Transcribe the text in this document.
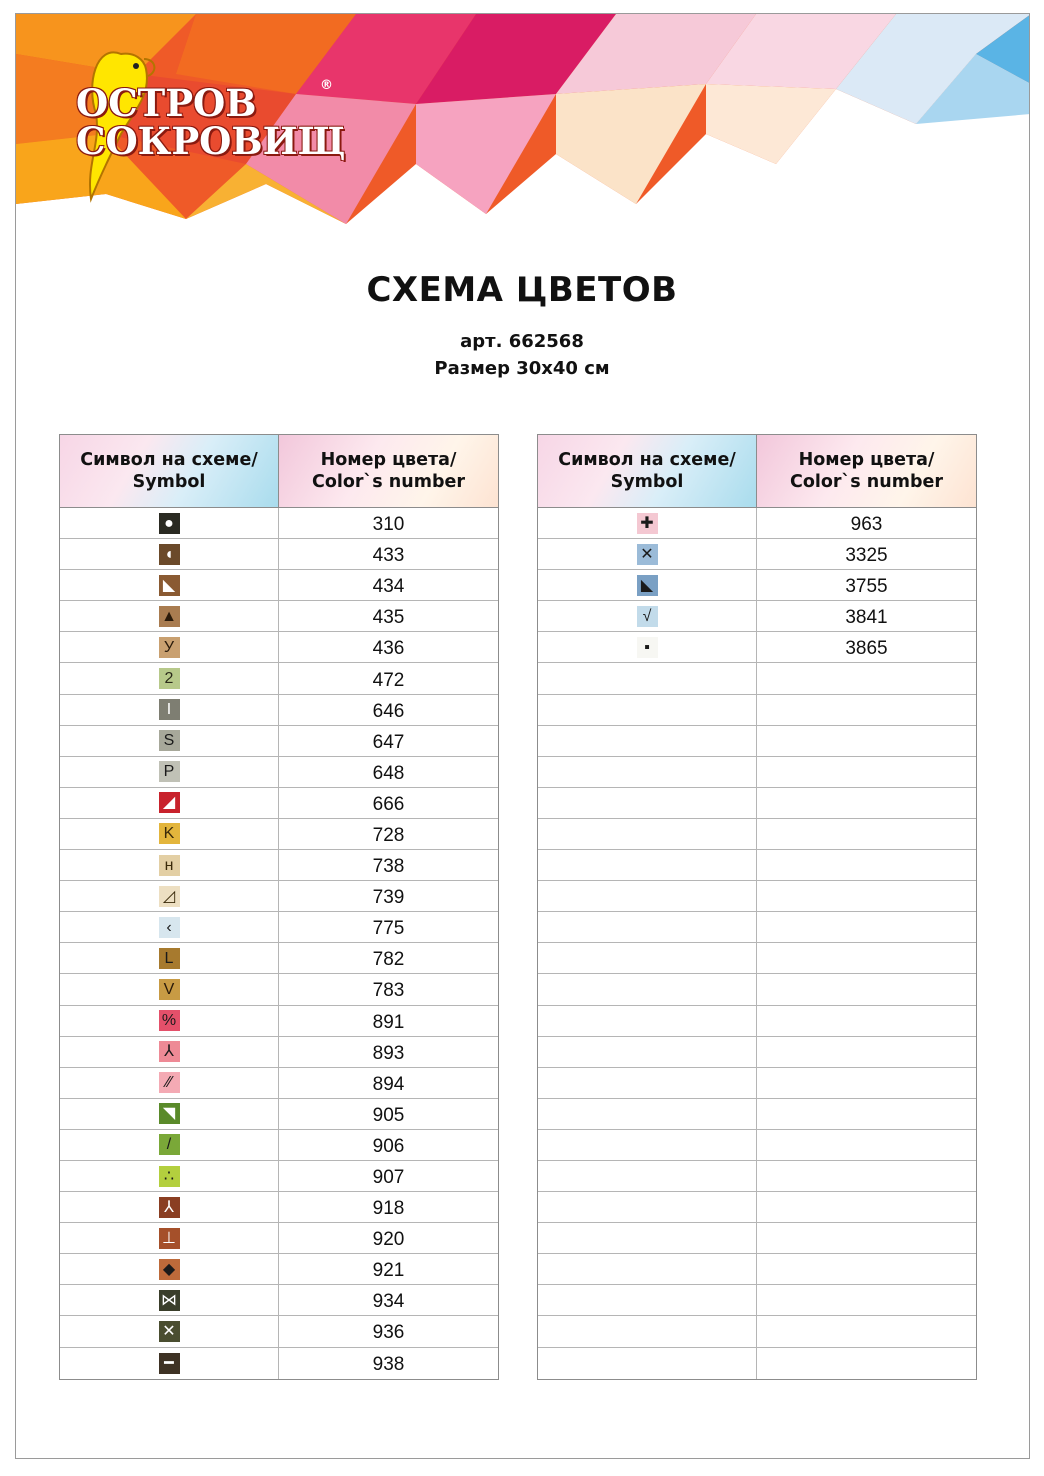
ОСТРОВ
СОКРОВИЩ
®
СХЕМА ЦВЕТОВ
арт. 662568
Размер 30х40 см
Символ на схеме/
Symbol
Номер цвета/
Color`s number
●	310
◖	433
◣	434
▲	435
У	436
2	472
I	646
S	647
P	648
◢	666
K	728
н	738
◿	739
‹	775
L	782
V	783
%	891
⅄	893
⁄⁄	894
◥	905
/	906
∴	907
⅄	918
⊥	920
◆	921
⋈	934
✕	936
━	938
Символ на схеме/
Symbol
Номер цвета/
Color`s number
✚	963
✕	3325
◣	3755
√	3841
▪	3865
